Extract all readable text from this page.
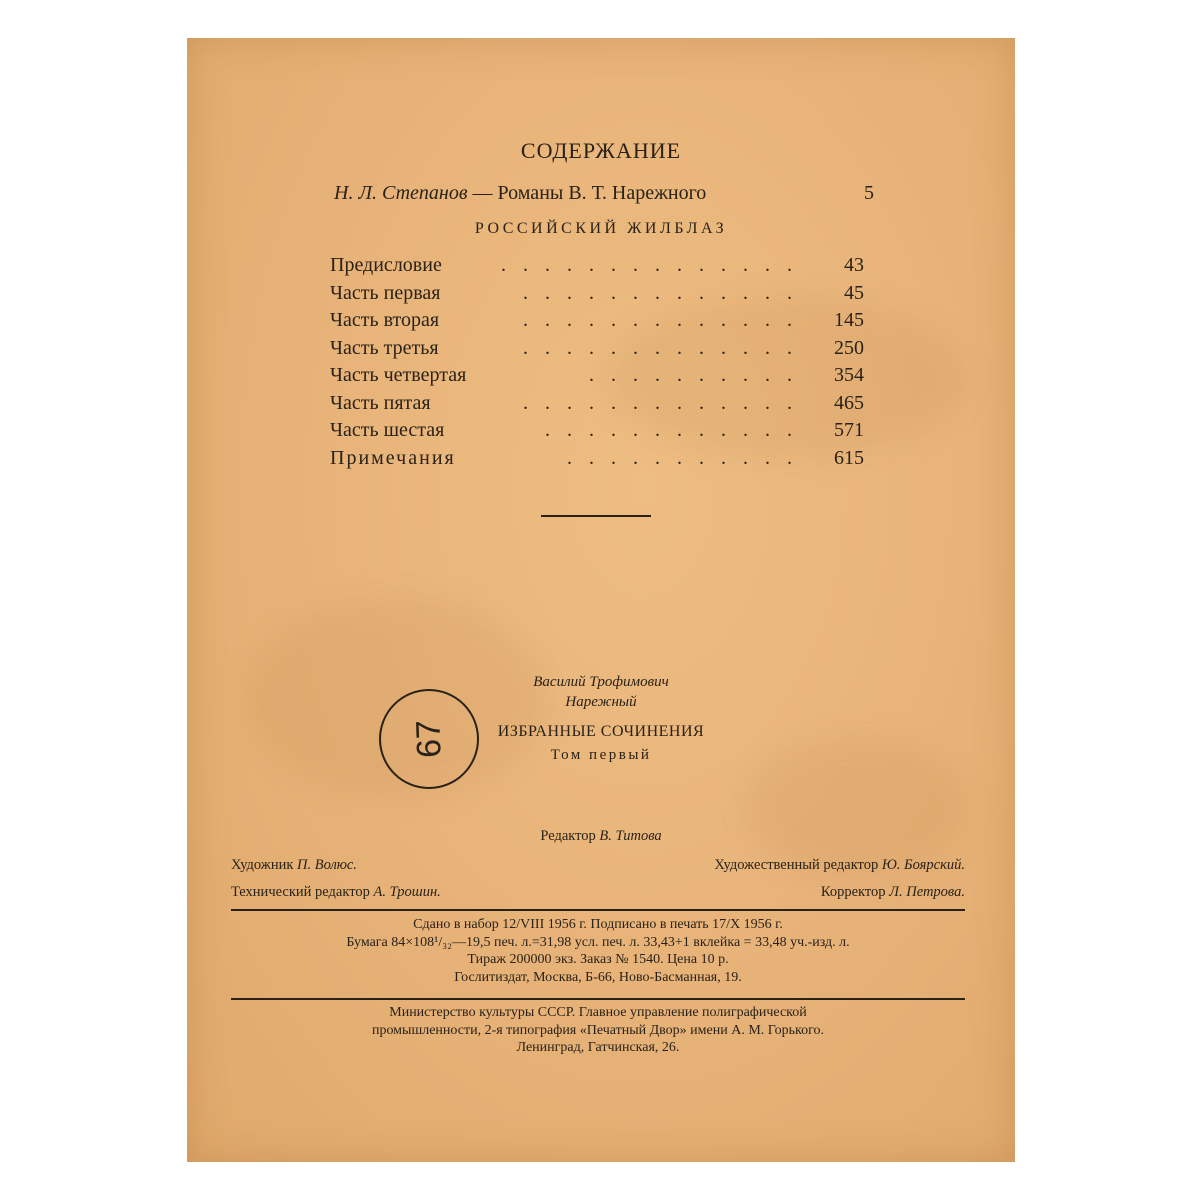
СОДЕРЖАНИЕ
Н. Л. Степанов — Романы В. Т. Нарежного	5
РОССИЙСКИЙ ЖИЛБЛАЗ
Предисловие	. . . . . . . . . . . . . . 43
Часть первая	. . . . . . . . . . . . . 45
Часть вторая	. . . . . . . . . . . . . 145
Часть третья	. . . . . . . . . . . . . 250
Часть четвертая	. . . . . . . . . . 354
Часть пятая	. . . . . . . . . . . . . 465
Часть шестая	. . . . . . . . . . . . 571
Примечания	. . . . . . . . . . . 615
Василий Трофимович
Нарежный
ИЗБРАННЫЕ СОЧИНЕНИЯ
Том первый
Редактор В. Титова
Художник П. Волюс.	Художественный редактор Ю. Боярский.
Технический редактор А. Трошин.	Корректор Л. Петрова.
Сдано в набор 12/VIII 1956 г. Подписано в печать 17/X 1956 г.
Бумага 84×108¹/₃₂—19,5 печ. л.=31,98 усл. печ. л. 33,43+1 вклейка = 33,48 уч.-изд. л.
Тираж 200000 экз. Заказ № 1540. Цена 10 р.
Гослитиздат, Москва, Б-66, Ново-Басманная, 19.
Министерство культуры СССР. Главное управление полиграфической
промышленности, 2-я типография «Печатный Двор» имени А. М. Горького.
Ленинград, Гатчинская, 26.
67
